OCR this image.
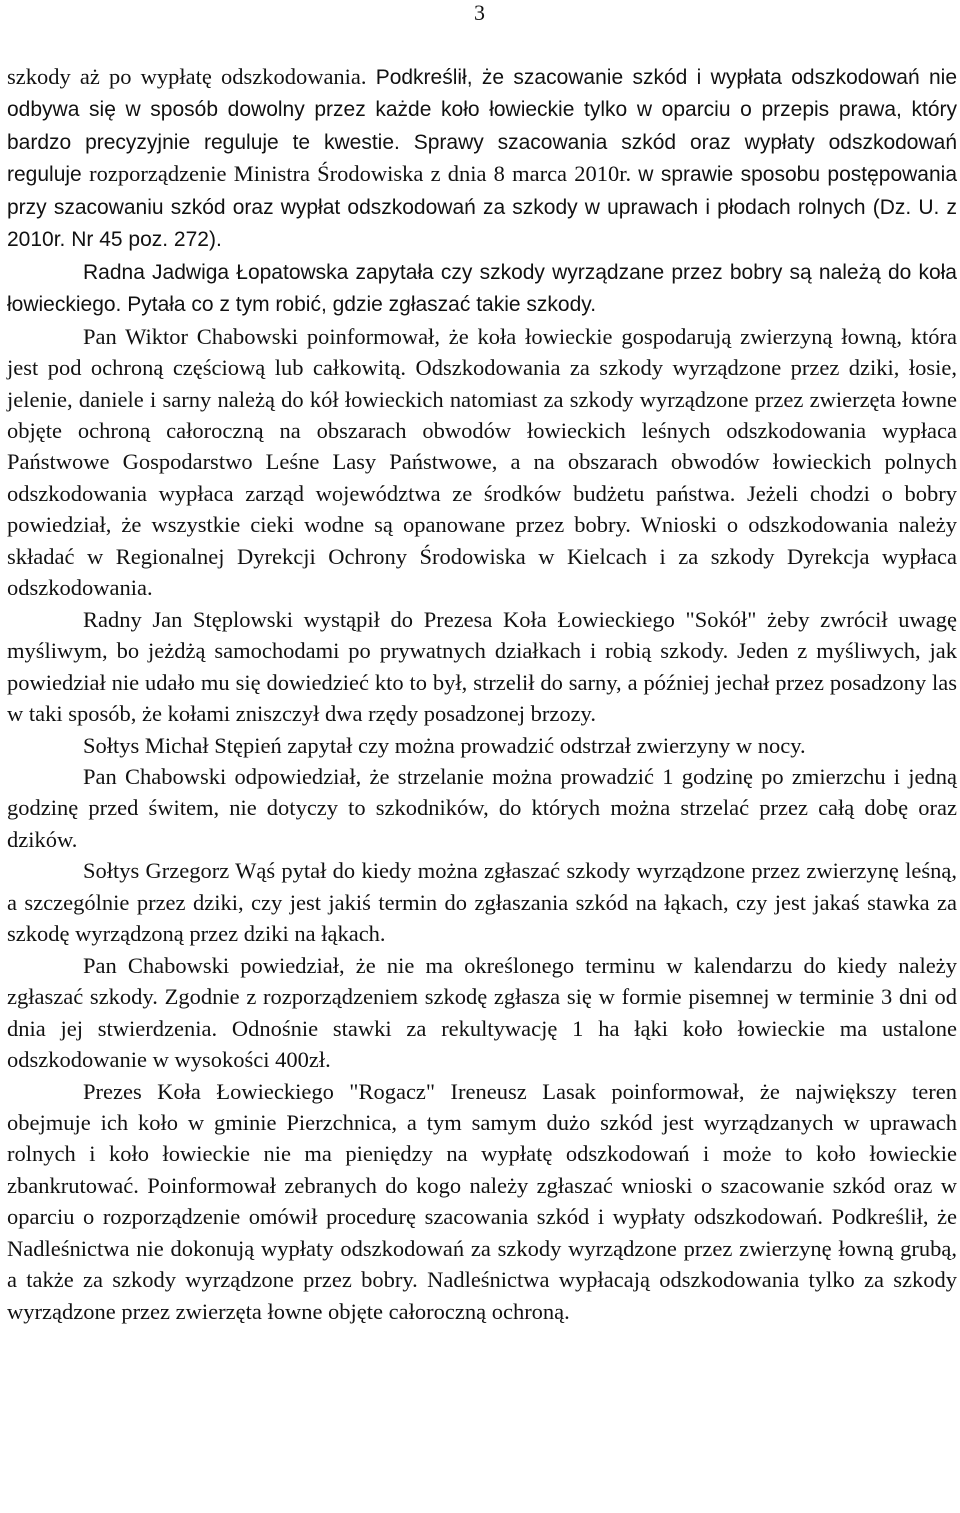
3

szkody aż po wypłatę odszkodowania. Podkreślił, że szacowanie szkód i wypłata odszkodowań nie odbywa się w sposób dowolny przez każde koło łowieckie tylko w oparciu o przepis prawa, który bardzo precyzyjnie reguluje te kwestie. Sprawy szacowania szkód oraz wypłaty odszkodowań reguluje rozporządzenie Ministra Środowiska z dnia 8 marca 2010r. w sprawie sposobu postępowania przy szacowaniu szkód oraz wypłat odszkodowań za szkody w uprawach i płodach rolnych (Dz. U. z 2010r. Nr 45 poz. 272).

Radna Jadwiga Łopatowska zapytała czy szkody wyrządzane przez bobry są należą do koła łowieckiego. Pytała co z tym robić, gdzie zgłaszać takie szkody.

Pan Wiktor Chabowski poinformował, że koła łowieckie gospodarują zwierzyną łowną, która jest pod ochroną częściową lub całkowitą. Odszkodowania za szkody wyrządzone przez dziki, łosie, jelenie, daniele i sarny należą do kół łowieckich natomiast za szkody wyrządzone przez zwierzęta łowne objęte ochroną całoroczną na obszarach obwodów łowieckich leśnych odszkodowania wypłaca Państwowe Gospodarstwo Leśne Lasy Państwowe, a na obszarach obwodów łowieckich polnych odszkodowania wypłaca zarząd województwa ze środków budżetu państwa. Jeżeli chodzi o bobry powiedział, że wszystkie cieki wodne są opanowane przez bobry. Wnioski o odszkodowania należy składać w Regionalnej Dyrekcji Ochrony Środowiska w Kielcach i za szkody Dyrekcja wypłaca odszkodowania.

Radny Jan Stęplowski wystąpił do Prezesa Koła Łowieckiego "Sokół" żeby zwrócił uwagę myśliwym, bo jeżdżą samochodami po prywatnych działkach i robią szkody. Jeden z myśliwych, jak powiedział nie udało mu się dowiedzieć kto to był, strzelił do sarny, a później jechał przez posadzony las w taki sposób, że kołami zniszczył dwa rzędy posadzonej brzozy.

Sołtys Michał Stępień zapytał czy można prowadzić odstrzał zwierzyny w nocy.

Pan Chabowski odpowiedział, że strzelanie można prowadzić 1 godzinę po zmierzchu i jedną godzinę przed świtem, nie dotyczy to szkodników, do których można strzelać przez całą dobę oraz dzików.

Sołtys Grzegorz Wąś pytał do kiedy można zgłaszać szkody wyrządzone przez zwierzynę leśną, a szczególnie przez dziki, czy jest jakiś termin do zgłaszania szkód na łąkach, czy jest jakaś stawka za szkodę wyrządzoną przez dziki na łąkach.

Pan Chabowski powiedział, że nie ma określonego terminu w kalendarzu do kiedy należy zgłaszać szkody. Zgodnie z rozporządzeniem szkodę zgłasza się w formie pisemnej w terminie 3 dni od dnia jej stwierdzenia. Odnośnie stawki za rekultywację 1 ha łąki koło łowieckie ma ustalone odszkodowanie w wysokości 400zł.

Prezes Koła Łowieckiego "Rogacz" Ireneusz Lasak poinformował, że największy teren obejmuje ich koło w gminie Pierzchnica, a tym samym dużo szkód jest wyrządzanych w uprawach rolnych i koło łowieckie nie ma pieniędzy na wypłatę odszkodowań i może to koło łowieckie zbankrutować. Poinformował zebranych do kogo należy zgłaszać wnioski o szacowanie szkód oraz w oparciu o rozporządzenie omówił procedurę szacowania szkód i wypłaty odszkodowań. Podkreślił, że Nadleśnictwa nie dokonują wypłaty odszkodowań za szkody wyrządzone przez zwierzynę łowną grubą, a także za szkody wyrządzone przez bobry. Nadleśnictwa wypłacają odszkodowania tylko za szkody wyrządzone przez zwierzęta łowne objęte całoroczną ochroną.
